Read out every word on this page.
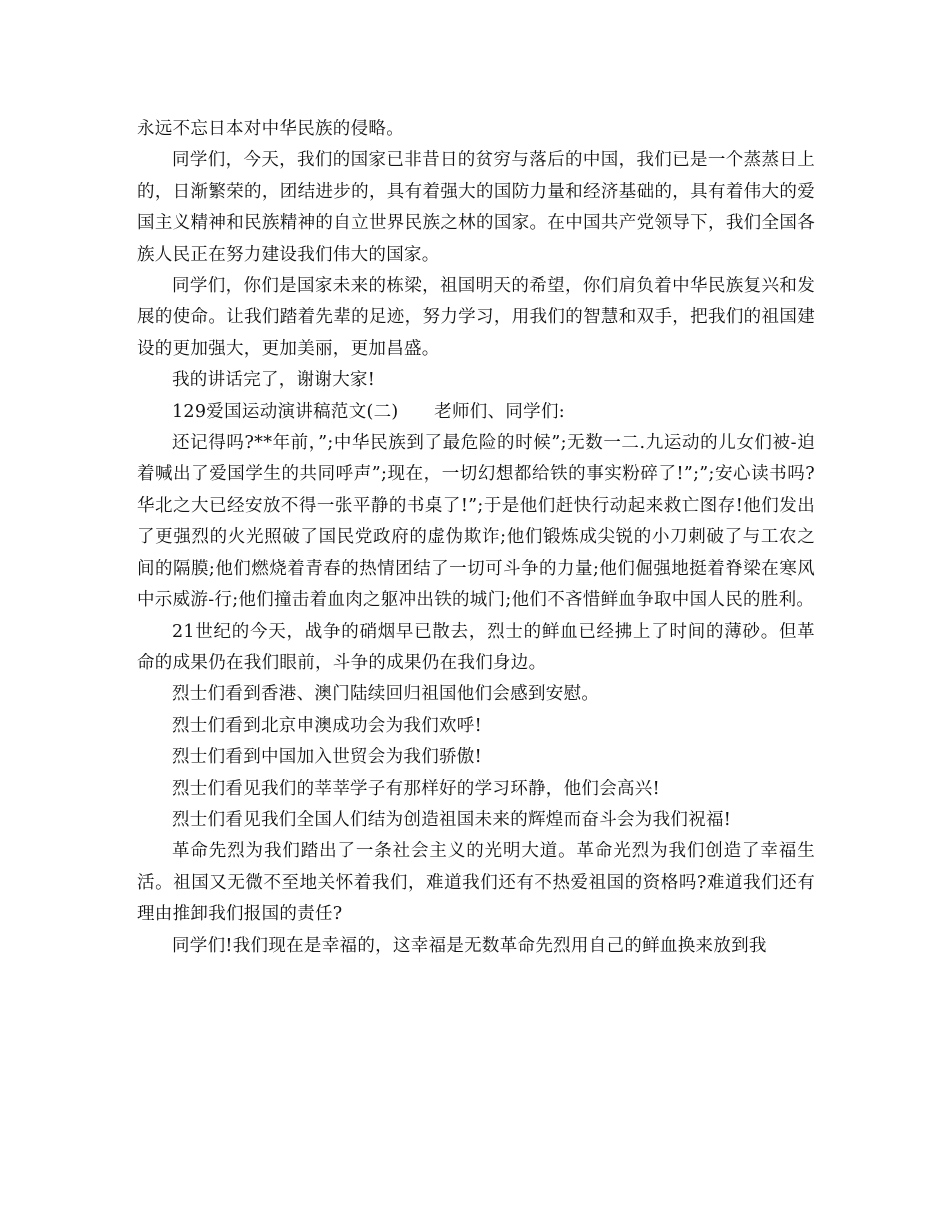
永远不忘日本对中华民族的侵略。

同学们，今天，我们的国家已非昔日的贫穷与落后的中国，我们已是一个蒸蒸日上的，日渐繁荣的，团结进步的，具有着强大的国防力量和经济基础的，具有着伟大的爱国主义精神和民族精神的自立世界民族之林的国家。在中国共产党领导下，我们全国各族人民正在努力建设我们伟大的国家。

同学们，你们是国家未来的栋梁，祖国明天的希望，你们肩负着中华民族复兴和发展的使命。让我们踏着先辈的足迹，努力学习，用我们的智慧和双手，把我们的祖国建设的更加强大，更加美丽，更加昌盛。

我的讲话完了，谢谢大家!

129爱国运动演讲稿范文(二)　　老师们、同学们:

还记得吗?**年前，”;中华民族到了最危险的时候”;无数一二.九运动的儿女们被-迫着喊出了爱国学生的共同呼声”;现在，一切幻想都给铁的事实粉碎了!”;”;安心读书吗?华北之大已经安放不得一张平静的书桌了!”;于是他们赶快行动起来救亡图存!他们发出了更强烈的火光照破了国民党政府的虚伪欺诈;他们锻炼成尖锐的小刀刺破了与工农之间的隔膜;他们燃烧着青春的热情团结了一切可斗争的力量;他们倔强地挺着脊梁在寒风中示威游-行;他们撞击着血肉之躯冲出铁的城门;他们不吝惜鲜血争取中国人民的胜利。

21世纪的今天，战争的硝烟早已散去，烈士的鲜血已经拂上了时间的薄砂。但革命的成果仍在我们眼前，斗争的成果仍在我们身边。

烈士们看到香港、澳门陆续回归祖国他们会感到安慰。

烈士们看到北京申澳成功会为我们欢呼!

烈士们看到中国加入世贸会为我们骄傲!

烈士们看见我们的莘莘学子有那样好的学习环静，他们会高兴!

烈士们看见我们全国人们结为创造祖国未来的辉煌而奋斗会为我们祝福!

革命先烈为我们踏出了一条社会主义的光明大道。革命光烈为我们创造了幸福生活。祖国又无微不至地关怀着我们，难道我们还有不热爱祖国的资格吗?难道我们还有理由推卸我们报国的责任?

同学们!我们现在是幸福的，这幸福是无数革命先烈用自己的鲜血换来放到我
